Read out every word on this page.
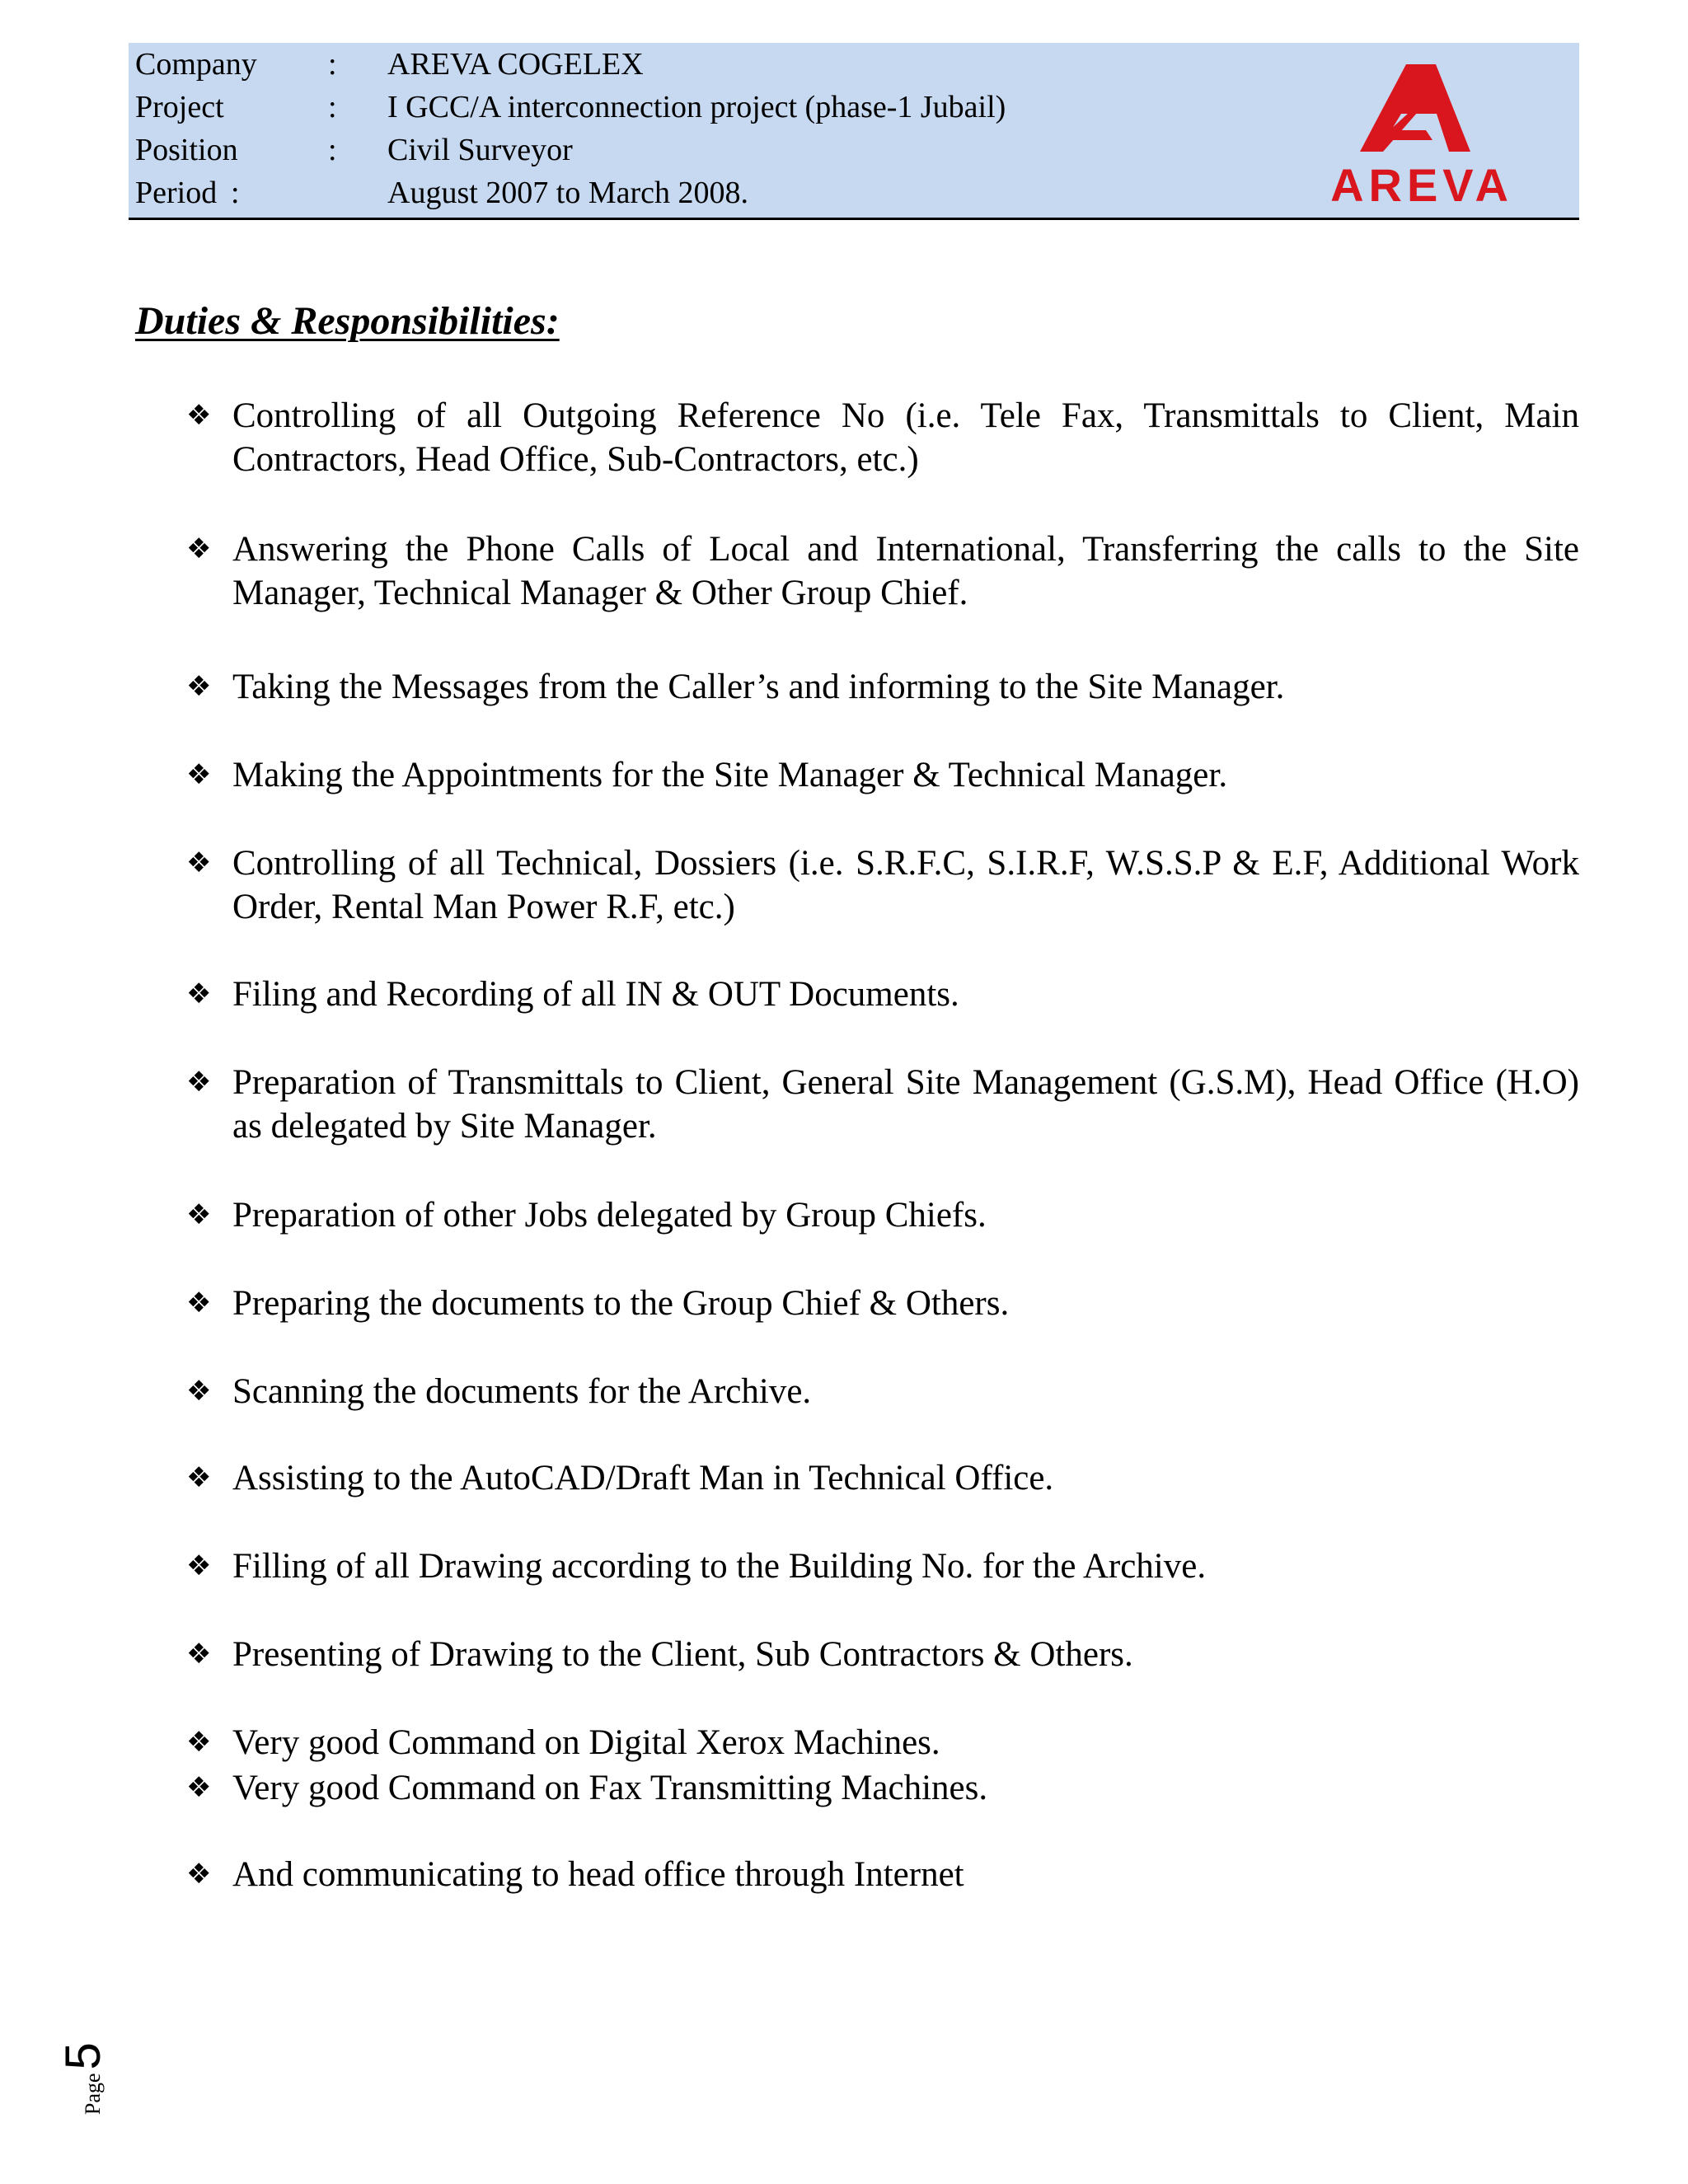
Company : AREVA COGELEX
Project	: I GCC/A interconnection project (phase-1 Jubail)
Position	: Civil Surveyor
Period :	August 2007 to March 2008.	AREVA
Duties & Responsibilities:
❖ Controlling of all Outgoing Reference No (i.e. Tele Fax, Transmittals to Client, Main Contractors, Head Office, Sub-Contractors, etc.)
❖ Answering the Phone Calls of Local and International, Transferring the calls to the Site Manager, Technical Manager & Other Group Chief.
❖ Taking the Messages from the Caller’s and informing to the Site Manager.
❖ Making the Appointments for the Site Manager & Technical Manager.
❖ Controlling of all Technical, Dossiers (i.e. S.R.F.C, S.I.R.F, W.S.S.P & E.F, Additional Work Order, Rental Man Power R.F, etc.)
❖ Filing and Recording of all IN & OUT Documents.
❖ Preparation of Transmittals to Client, General Site Management (G.S.M), Head Office (H.O) as delegated by Site Manager.
❖ Preparation of other Jobs delegated by Group Chiefs.
❖ Preparing the documents to the Group Chief & Others.
❖ Scanning the documents for the Archive.
❖ Assisting to the AutoCAD/Draft Man in Technical Office.
❖ Filling of all Drawing according to the Building No. for the Archive.
❖ Presenting of Drawing to the Client, Sub Contractors & Others.
❖ Very good Command on Digital Xerox Machines.
❖ Very good Command on Fax Transmitting Machines.
❖ And communicating to head office through Internet
Page5
